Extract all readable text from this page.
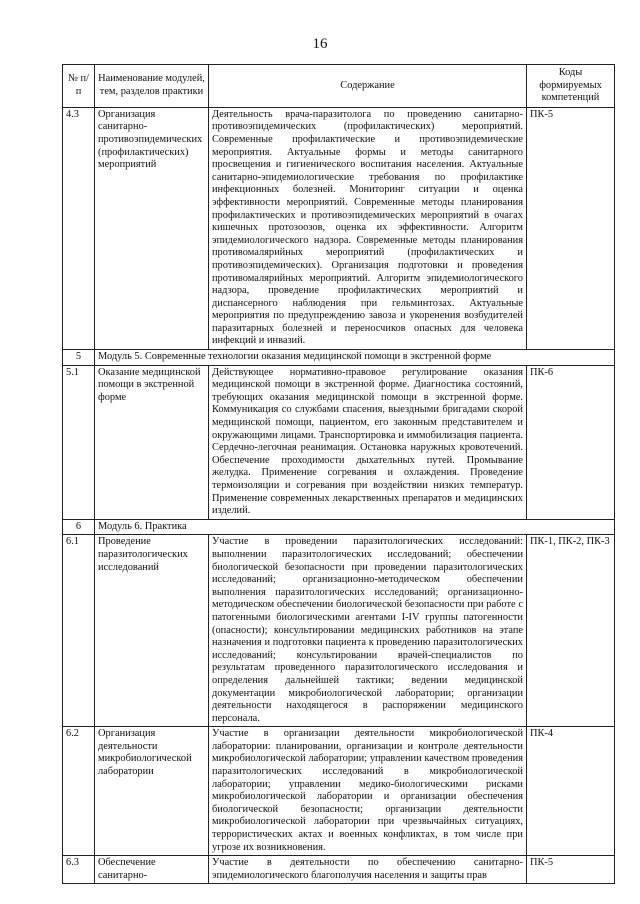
16
№ п/п	Наименование модулей, тем, разделов практики	Содержание	Коды формируемых компетенций
4.3	Организация санитарно-противоэпидемических (профилактических) мероприятий	Деятельность врача-паразитолога по проведению санитарно-противоэпидемических (профилактических) мероприятий. Современные профилактические и противоэпидемические мероприятия. Актуальные формы и методы санитарного просвещения и гигиенического воспитания населения. Актуальные санитарно-эпидемиологические требования по профилактике инфекционных болезней. Мониторинг ситуации и оценка эффективности мероприятий. Современные методы планирования профилактических и противоэпидемических мероприятий в очагах кишечных протозоозов, оценка их эффективности. Алгоритм эпидемиологического надзора. Современные методы планирования противомалярийных мероприятий (профилактических и противоэпидемических). Организация подготовки и проведения противомалярийных мероприятий. Алгоритм эпидемиологического надзора, проведение профилактических мероприятий и диспансерного наблюдения при гельминтозах. Актуальные мероприятия по предупреждению завоза и укоренения возбудителей паразитарных болезней и переносчиков опасных для человека инфекций и инвазий.	ПК-5
5	Модуль 5. Современные технологии оказания медицинской помощи в экстренной форме		
5.1	Оказание медицинской помощи в экстренной форме	Действующее нормативно-правовое регулирование оказания медицинской помощи в экстренной форме. Диагностика состояний, требующих оказания медицинской помощи в экстренной форме. Коммуникация со службами спасения, выездными бригадами скорой медицинской помощи, пациентом, его законным представителем и окружающими лицами. Транспортировка и иммобилизация пациента. Сердечно-легочная реанимация. Остановка наружных кровотечений. Обеспечение проходимости дыхательных путей. Промывание желудка. Применение согревания и охлаждения. Проведение термоизоляции и согревания при воздействии низких температур. Применение современных лекарственных препаратов и медицинских изделий.	ПК-6
6	Модуль 6. Практика		
6.1	Проведение паразитологических исследований	Участие в проведении паразитологических исследований: выполнении паразитологических исследований; обеспечении биологической безопасности при проведении паразитологических исследований; организационно-методическом обеспечении выполнения паразитологических исследований; организационно-методическом обеспечении биологической безопасности при работе с патогенными биологическими агентами I-IV группы патогенности (опасности); консультировании медицинских работников на этапе назначения и подготовки пациента к проведению паразитологических исследований; консультировании врачей-специалистов по результатам проведенного паразитологического исследования и определения дальнейшей тактики; ведении медицинской документации микробиологической лаборатории; организации деятельности находящегося в распоряжении медицинского персонала.	ПК-1, ПК-2, ПК-3
6.2	Организация деятельности микробиологической лаборатории	Участие в организации деятельности микробиологической лаборатории: планировании, организации и контроле деятельности микробиологической лаборатории; управлении качеством проведения паразитологических исследований в микробиологической лаборатории; управлении медико-биологическими рисками микробиологической лаборатории и организации обеспечения биологической безопасности; организации деятельности микробиологической лаборатории при чрезвычайных ситуациях, террористических актах и военных конфликтах, в том числе при угрозе их возникновения.	ПК-4
6.3	Обеспечение санитарно-	Участие в деятельности по обеспечению санитарно-эпидемиологического благополучия населения и защиты прав	ПК-5
